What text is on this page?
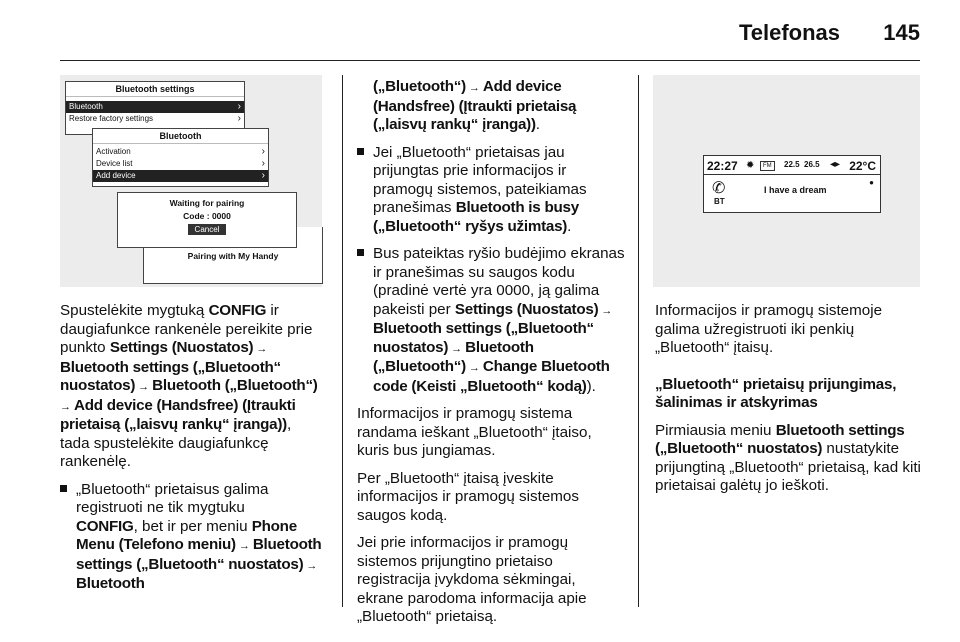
Telefonas 145
Bluetooth settings
Bluetooth	›
Restore factory settings	›
Bluetooth
Activation	›
Device list	›
Add device	›
Pairing with My Handy
Waiting for pairing
Code : 0000
Cancel

Spustelėkite mygtuką CONFIG ir daugiafunkce rankenėle pereikite prie punkto Settings (Nuostatos) →Bluetooth settings („Bluetooth“ nuostatos) → Bluetooth („Bluetooth“)
→ Add device (Handsfree) (Įtraukti prietaisą („laisvų rankų“ įranga)), tada spustelėkite daugiafunkcę rankenėlę.

„Bluetooth“ prietaisus galima registruoti ne tik mygtuku
CONFIG, bet ir per meniu Phone Menu (Telefono meniu) → Bluetooth settings („Bluetooth“ nuostatos) →Bluetooth

(„Bluetooth“) → Add device (Handsfree) (Įtraukti prietaisą („laisvų rankų“ įranga)).

Jei „Bluetooth“ prietaisas jau prijungtas prie informacijos ir pramogų sistemos, pateikiamas pranešimas Bluetooth is busy („Bluetooth“ ryšys užimtas).
Bus pateiktas ryšio budėjimo ekranas ir pranešimas su saugos kodu (pradinė vertė yra 0000, ją galima pakeisti per Settings (Nuostatos) →Bluetooth settings („Bluetooth“ nuostatos) → Bluetooth („Bluetooth“) → Change Bluetooth code (Keisti „Bluetooth“ kodą)).

Informacijos ir pramogų sistema randama ieškant „Bluetooth“ įtaiso, kuris bus jungiamas.

Per „Bluetooth“ įtaisą įveskite informacijos ir pramogų sistemos saugos kodą.

Jei prie informacijos ir pramogų sistemos prijungtino prietaiso registracija įvykdoma sėkmingai, ekrane parodoma informacija apie „Bluetooth“ prietaisą.

22:27 ✹	FM	22.5 26.5 ◂▸ 22°C
●
✆
BT
I have a dream

Informacijos ir pramogų sistemoje galima užregistruoti iki penkių „Bluetooth“ įtaisų.

„Bluetooth“ prietaisų prijungimas, šalinimas ir atskyrimas

Pirmiausia meniu Bluetooth settings („Bluetooth“ nuostatos) nustatykite prijungtiną „Bluetooth“ prietaisą, kad kiti prietaisai galėtų jo ieškoti.
